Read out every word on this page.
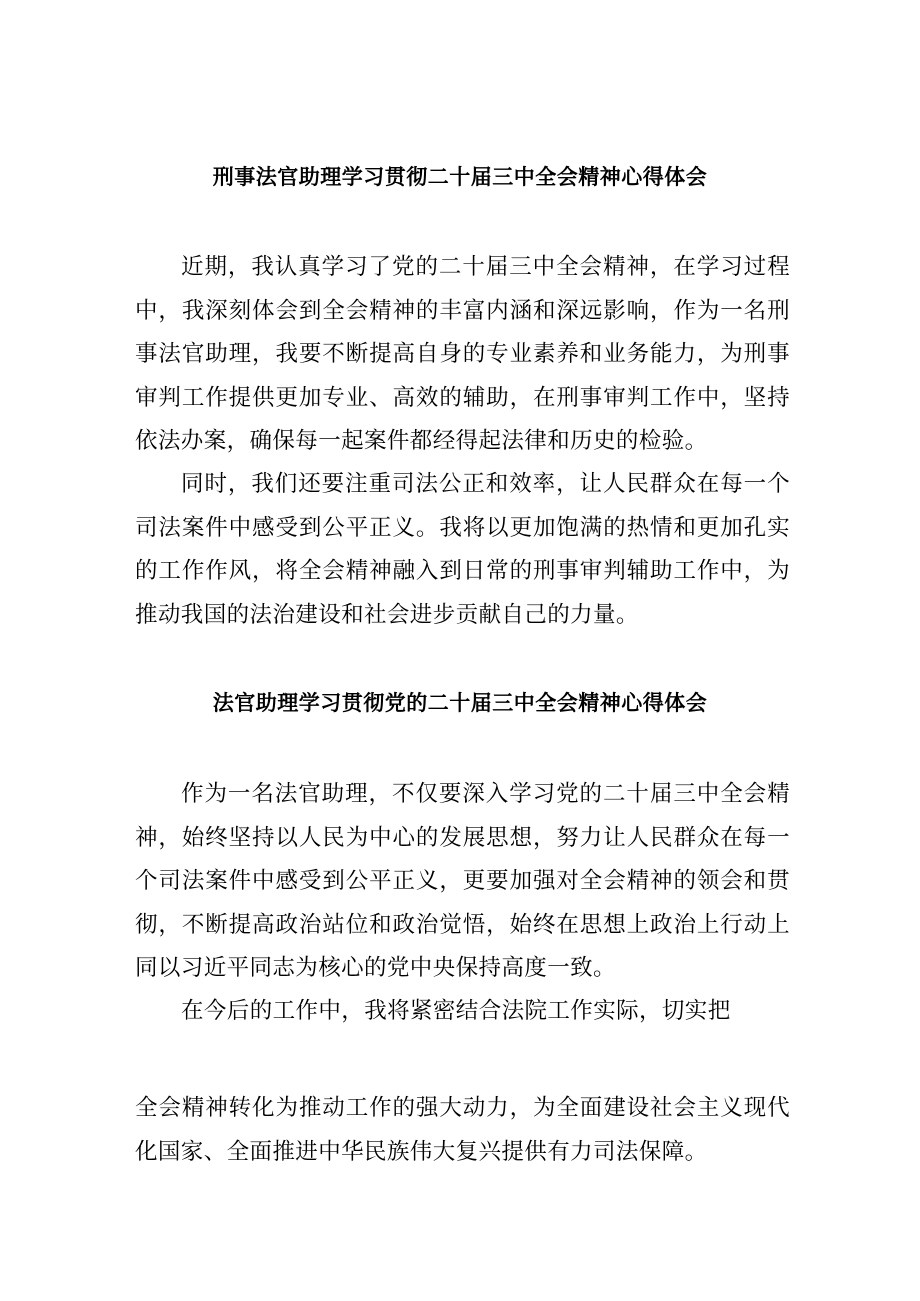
刑事法官助理学习贯彻二十届三中全会精神心得体会

近期，我认真学习了党的二十届三中全会精神，在学习过程中，我深刻体会到全会精神的丰富内涵和深远影响，作为一名刑事法官助理，我要不断提高自身的专业素养和业务能力，为刑事审判工作提供更加专业、高效的辅助，在刑事审判工作中，坚持依法办案，确保每一起案件都经得起法律和历史的检验。

同时，我们还要注重司法公正和效率，让人民群众在每一个司法案件中感受到公平正义。我将以更加饱满的热情和更加孔实的工作作风，将全会精神融入到日常的刑事审判辅助工作中，为推动我国的法治建设和社会进步贡献自己的力量。

法官助理学习贯彻党的二十届三中全会精神心得体会

作为一名法官助理，不仅要深入学习党的二十届三中全会精神，始终坚持以人民为中心的发展思想，努力让人民群众在每一个司法案件中感受到公平正义，更要加强对全会精神的领会和贯彻，不断提高政治站位和政治觉悟，始终在思想上政治上行动上同以习近平同志为核心的党中央保持高度一致。

在今后的工作中，我将紧密结合法院工作实际，切实把

全会精神转化为推动工作的强大动力，为全面建设社会主义现代化国家、全面推进中华民族伟大复兴提供有力司法保障。
